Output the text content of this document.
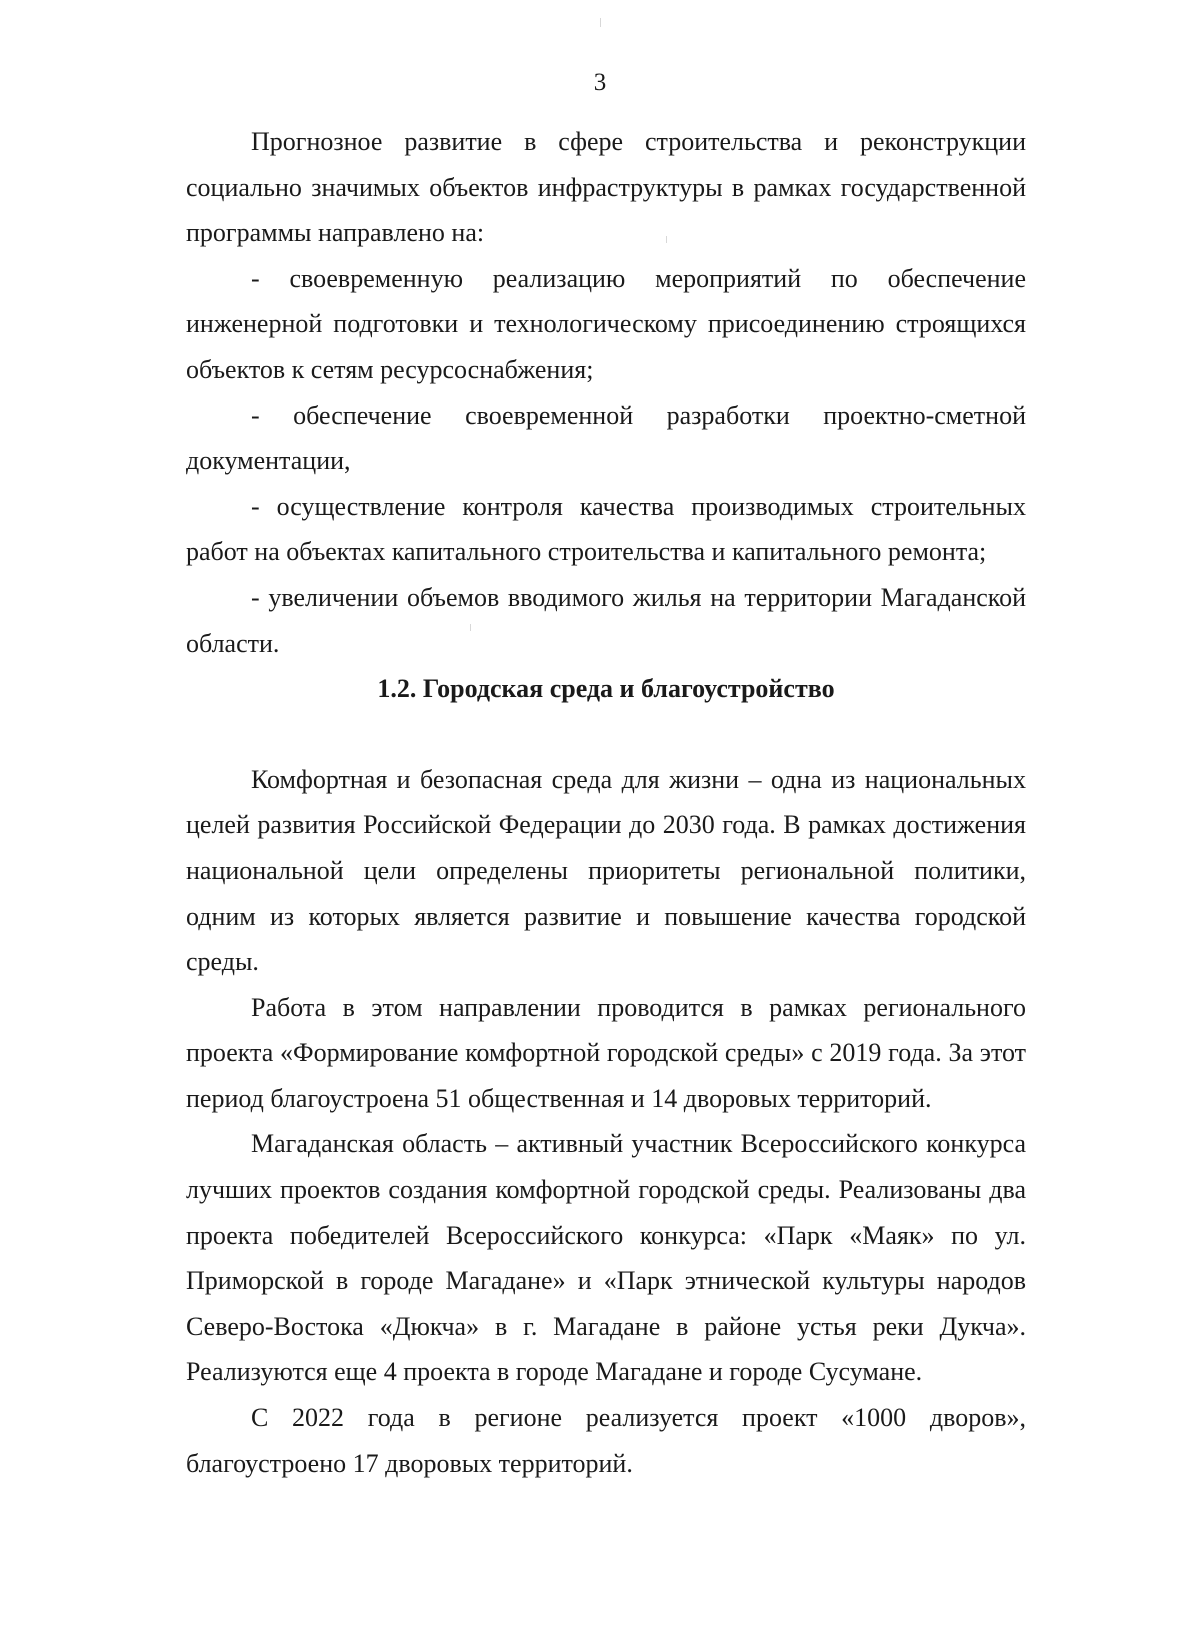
3

Прогнозное развитие в сфере строительства и реконструкции социально значимых объектов инфраструктуры в рамках государственной программы направлено на:

- своевременную реализацию мероприятий по обеспечение инженерной подготовки и технологическому присоединению строящихся объектов к сетям ресурсоснабжения;

- обеспечение своевременной разработки проектно-сметной документации,

- осуществление контроля качества производимых строительных работ на объектах капитального строительства и капитального ремонта;

- увеличении объемов вводимого жилья на территории Магаданской области.

1.2. Городская среда и благоустройство

Комфортная и безопасная среда для жизни – одна из национальных целей развития Российской Федерации до 2030 года. В рамках достижения национальной цели определены приоритеты региональной политики, одним из которых является развитие и повышение качества городской среды.

Работа в этом направлении проводится в рамках регионального проекта «Формирование комфортной городской среды» с 2019 года. За этот период благоустроена 51 общественная и 14 дворовых территорий.

Магаданская область – активный участник Всероссийского конкурса лучших проектов создания комфортной городской среды. Реализованы два проекта победителей Всероссийского конкурса: «Парк «Маяк» по ул. Приморской в городе Магадане» и «Парк этнической культуры народов Северо-Востока «Дюкча» в г. Магадане в районе устья реки Дукча». Реализуются еще 4 проекта в городе Магадане и городе Сусумане.

С 2022 года в регионе реализуется проект «1000 дворов», благоустроено 17 дворовых территорий.
